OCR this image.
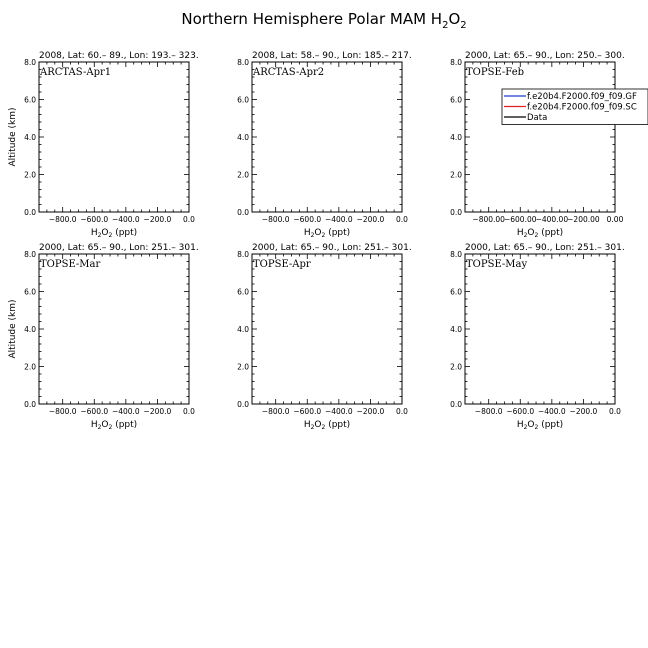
Northern Hemisphere Polar MAM $H_2O_2$
2008, Lat: 60.– 89., Lon: 193.– 323.
0.0
2.0
4.0
6.0
8.0
−800.0 −600.0 −400.0 −200.0 0.0
$H_2O_2$ (ppt)
Altitude (km)
ARCTAS-Apr1
2008, Lat: 58.– 90., Lon: 185.– 217.
0.0
2.0
4.0
6.0
8.0
−800.0 −600.0 −400.0 −200.0 0.0
$H_2O_2$ (ppt)
ARCTAS-Apr2
2000, Lat: 65.– 90., Lon: 250.– 300.
0.0
2.0
4.0
6.0
8.0
−800.00 −600.00 −400.00 −200.00 0.00
$H_2O_2$ (ppt)
TOPSE-Feb
f.e20b4.F2000.f09_f09.GF
f.e20b4.F2000.f09_f09.SC
Data
2000, Lat: 65.– 90., Lon: 251.– 301.
0.0
2.0
4.0
6.0
8.0
−800.0 −600.0 −400.0 −200.0 0.0
$H_2O_2$ (ppt)
Altitude (km)
TOPSE-Mar
2000, Lat: 65.– 90., Lon: 251.– 301.
0.0
2.0
4.0
6.0
8.0
−800.0 −600.0 −400.0 −200.0 0.0
$H_2O_2$ (ppt)
TOPSE-Apr
2000, Lat: 65.– 90., Lon: 251.– 301.
0.0
2.0
4.0
6.0
8.0
−800.0 −600.0 −400.0 −200.0 0.0
$H_2O_2$ (ppt)
TOPSE-May
